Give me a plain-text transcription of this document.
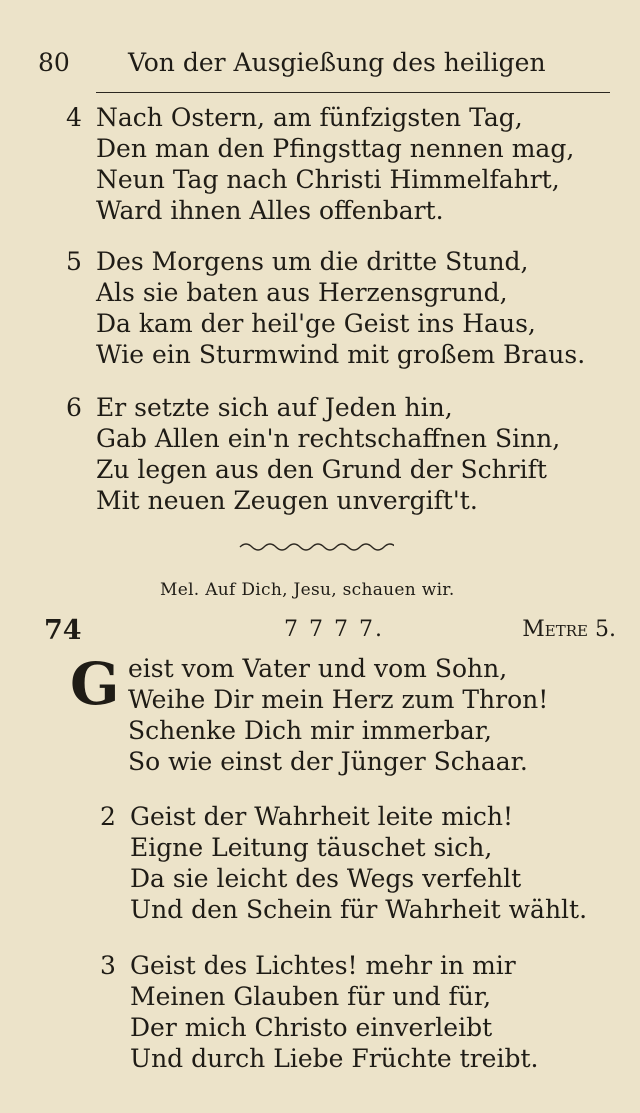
80 Von der Ausgießung des heiligen
4 Nach Ostern, am fünfzigsten Tag,
Den man den Pfingsttag nennen mag,
Neun Tag nach Christi Himmelfahrt,
Ward ihnen Alles offenbart.
5 Des Morgens um die dritte Stund,
Als sie baten aus Herzensgrund,
Da kam der heil'ge Geist ins Haus,
Wie ein Sturmwind mit großem Braus.
6 Er setzte sich auf Jeden hin,
Gab Allen ein'n rechtschaffnen Sinn,
Zu legen aus den Grund der Schrift
Mit neuen Zeugen unvergift't.
Mel. Auf Dich, Jesu, schauen wir.
74	7 7 7 7.	Metre 5.
G eist vom Vater und vom Sohn,
Weihe Dir mein Herz zum Thron!
Schenke Dich mir immerbar,
So wie einst der Jünger Schaar.
2 Geist der Wahrheit leite mich!
Eigne Leitung täuschet sich,
Da sie leicht des Wegs verfehlt
Und den Schein für Wahrheit wählt.
3 Geist des Lichtes! mehr in mir
Meinen Glauben für und für,
Der mich Christo einverleibt
Und durch Liebe Früchte treibt.
